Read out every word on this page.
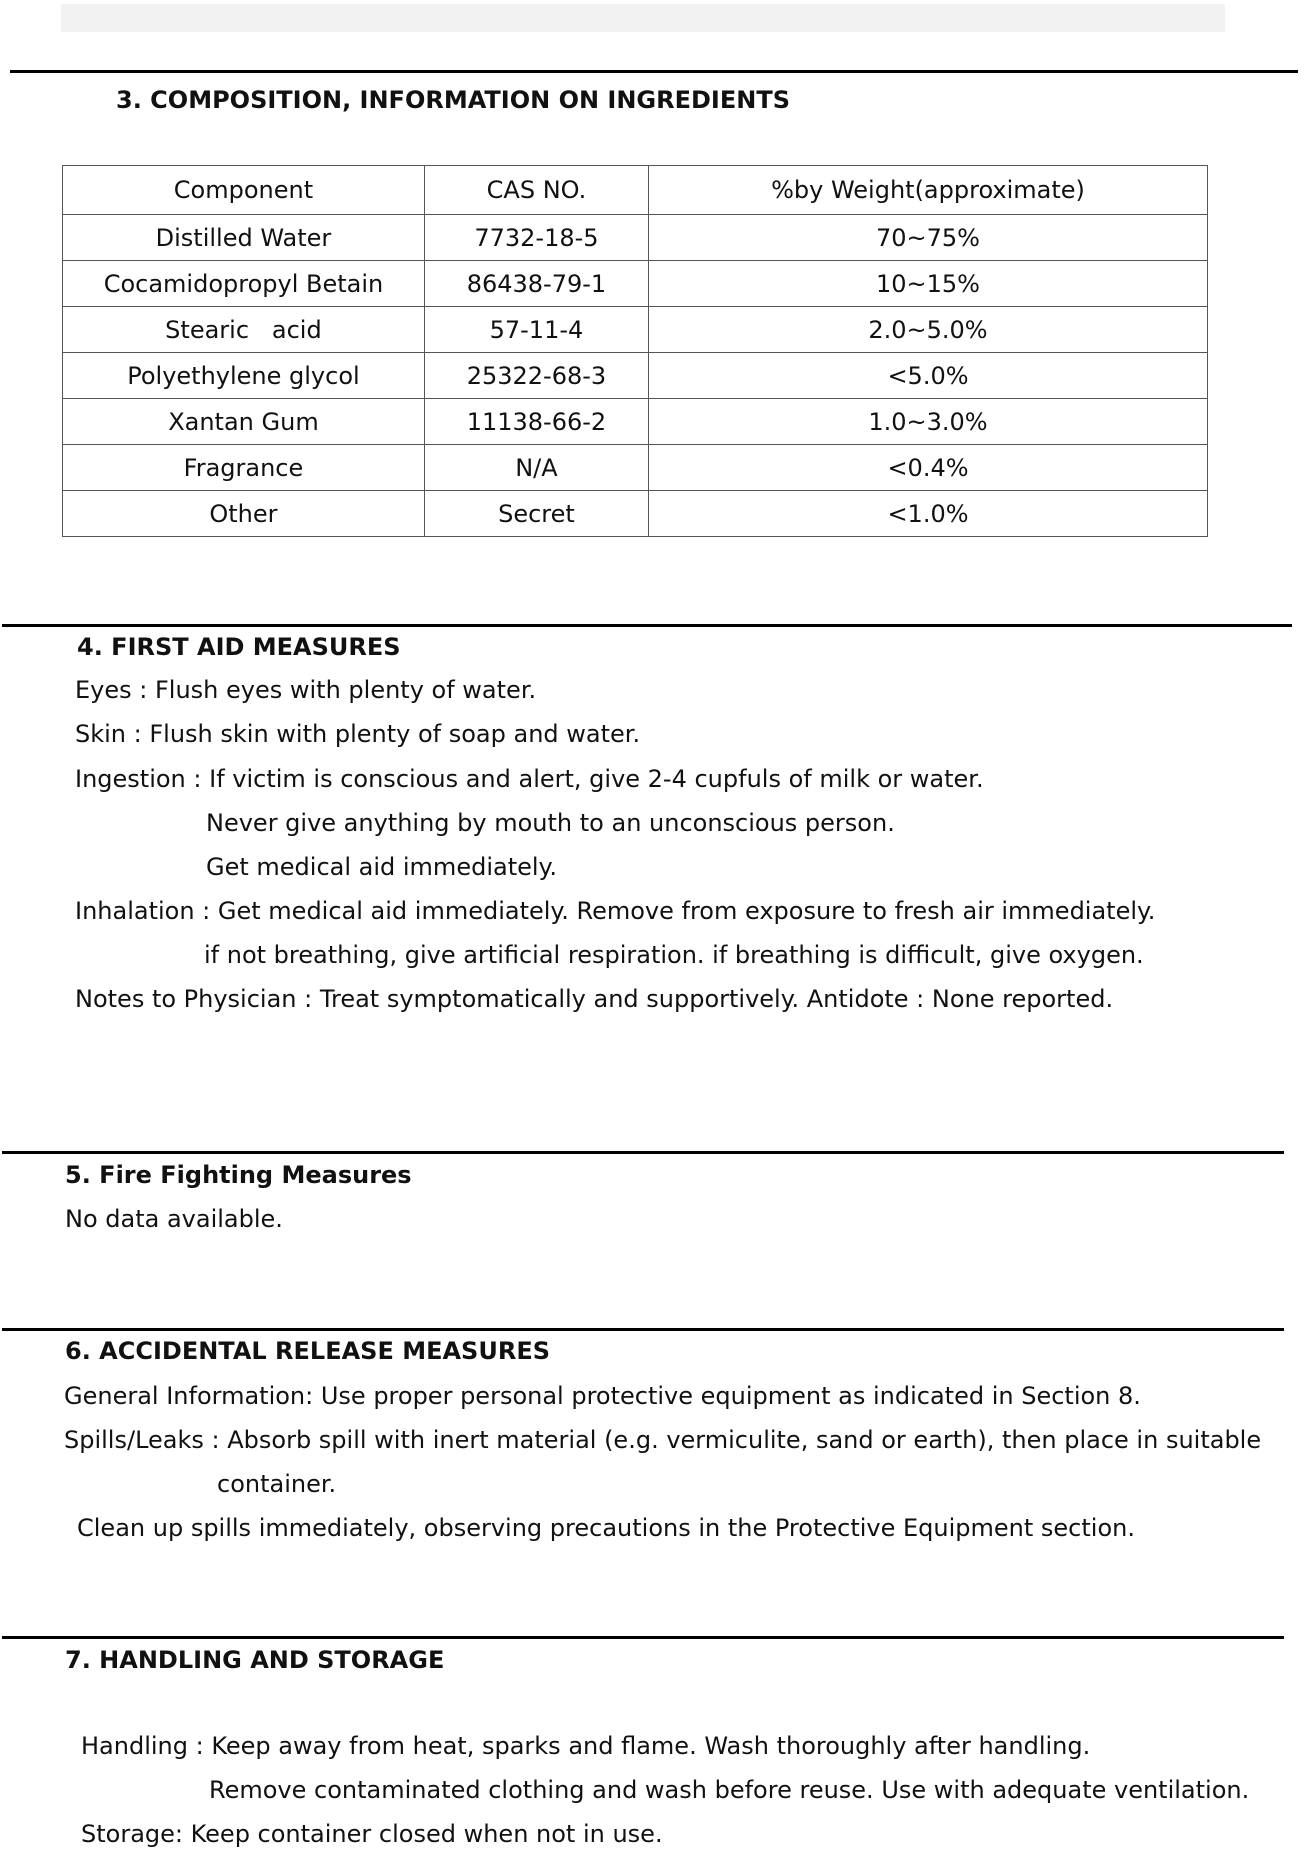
3. COMPOSITION, INFORMATION ON INGREDIENTS
Component	CAS NO.	%by Weight(approximate)
Distilled Water	7732-18-5	70~75%
Cocamidopropyl Betain	86438-79-1	10~15%
Stearic   acid	57-11-4	2.0~5.0%
Polyethylene glycol	25322-68-3	<5.0%
Xantan Gum	11138-66-2	1.0~3.0%
Fragrance	N/A	<0.4%
Other	Secret	<1.0%
4. FIRST AID MEASURES
Eyes : Flush eyes with plenty of water.
Skin : Flush skin with plenty of soap and water.
Ingestion : If victim is conscious and alert, give 2-4 cupfuls of milk or water.
Never give anything by mouth to an unconscious person.
Get medical aid immediately.
Inhalation : Get medical aid immediately. Remove from exposure to fresh air immediately.
if not breathing, give artificial respiration. if breathing is difficult, give oxygen.
Notes to Physician : Treat symptomatically and supportively. Antidote : None reported.
5. Fire Fighting Measures
No data available.
6. ACCIDENTAL RELEASE MEASURES
General Information: Use proper personal protective equipment as indicated in Section 8.
Spills/Leaks : Absorb spill with inert material (e.g. vermiculite, sand or earth), then place in suitable
container.
Clean up spills immediately, observing precautions in the Protective Equipment section.
7. HANDLING AND STORAGE
Handling : Keep away from heat, sparks and flame. Wash thoroughly after handling.
Remove contaminated clothing and wash before reuse. Use with adequate ventilation.
Storage: Keep container closed when not in use.
